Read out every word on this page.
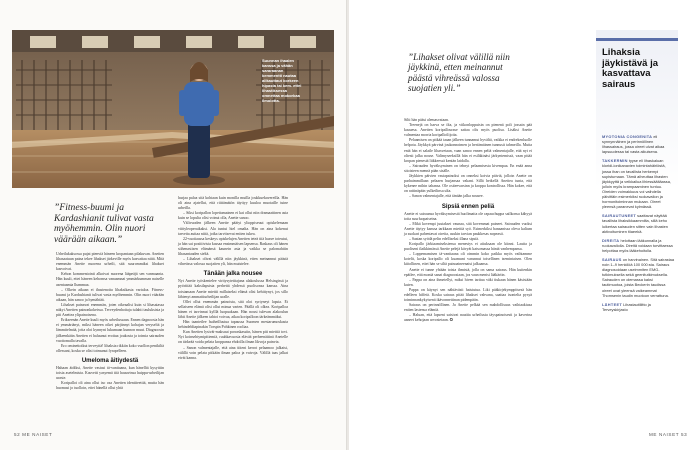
Suunnan ihaalen kanssa ja vähän sararaanan kemmentti nautaa alikauttaut korkeen hipasta tai kem. ettei lihastiksessa omnettaa mokorkaa ilmolotta.
”Fitness-buumi ja Kardashianit tulivat vasta myöhemmin. Olin nuori väärään aikaan.”

Urheilukaksossa pujat pienviä häneen kropantaan pilakuvan. Anetten lihasaatuun paina tekee lihakset järkeville myös kasvattaa niitä. Mitä enemmän Anette nuorena urheili, sitä suurommiksi lihakset kasvoivat.

Kehon kommentointi alkoivat nuorena lääpeäjä sen vanmaanta. Hän kuuli, ettei häneen kehomsa vanaamnai ymmärkumman naiselle asentaamia lhammaa.

– Olkein aikaan ei ihastenoita lihaksikasta vartaloa. Fitness-buumi ja Kardashianit tulivat vasta myöhemmin. Olin nuori väärään aikaan, hän sanoo ja hymähtää.

Lihakset painavat enemmän, joten oikeaalisi kuin si lihasaiassa näkyi Anetten painonkokeissa. Terveydenhoitaja tulahti tauluksista ja piti Anettea ylipainoisena.

Erikseenän Anette kuuli myös urheilussaan. Ennen dagnoosia hän ei ymmärtänyt, miksi häneen oikei pärjännyt kohajan veryseltä ja lämmitelmää, jotta oloi kynnyni lukumaan kunnon muut. Diagnoosin jälkeenkään Anetten ei haluunut erottua joukosta ja toimia sairauden vuottomalla tavalla.

Ero ominettoikut terveyttä! lihaksia rikkiin koko vuollon penikiltä ollessani, koska se olisi toimunut fyrapelleen.

Umeloma äitiydestä

Hahaan äidiksi, Anette vastasi tä-vanttaana, kun hänelltä kysyttiin toisia asetelmista. Kasvetti yasyemä tiiä hauuvinsa huippu-urheilijan uraste.

Koripalloi oli aina ollut iso osa Anetten identiteettiä, mutta hän huomasi jo tuolloin, ettei hänellä ollut yhtä

hurjaa paloa sitä kohtaan kuin monilla muilla joukkuekavereilla. Hän oli aina ajatellut, että riittämätön täyttyy kuuloa muotaille tuine urheilla.

– Siksi koripallon lopettamainen ei kai ollut niin dramaattinen asia kuin se lopulta olisi voinut olla, Anette sanoo.

Välivuoden jälkeen Anette päätyi ylioppiseuut opiskelemaan viittyleoperaikaksi. Ala tuntui hiel omalta. Hän on aina kokenut tarvetta auttaa niitä, jotka tarvitsevat eniten tukea.

22-vuotiaassa keskeys opiskelujen Anetten teteä tiiä haave toteutui, ja hän sai positiivista kassaa ensimmäisen lapsensa. Raskaus oli hänen siihenastisen elämänsä kaunein asia ja vaikka se palomahtiin lihasantaaden sieltä.

– Lihakset olivat välillä niin jäykkinä, etten meinannut päästä vihreässa valossa suojaiten yli, hän muistelee.

Tänään jalka nousee

Nyt Anette työskentelee viritysytetitajana alakoulussa Helsingissä ja pyöriitää kaksilapsista perhettä yhdessä puolisonsa kanssa. Aina toistamaan Anette miettii millaiseksi elämä olisi kehittynyt, jos sillo lähtenyt ammattiurheilijan uralle.

Ollei ollut enemmän painoista, sitä oloi syrtyneyt lapsia. Et sellaiseen elämä olisi ollut minua varten. Päällä oli olkea. Koripalloa hänen ei tarvinnut kylllä luopuakaan. Hän nousi tulevan alakoulun lähti Anette jälkeen tahtoi voivaa, aikaa koripalloon tärkeämmäksi.

Hän taanteilee huiheillustua tapaussa Suomen mestarumoskasta hehindeldiapinakin Torspin Pohkinen rooliaa.

Kun Anetten lysiväi-maksaut porraskassiin, hänen piti miettiä tovi. Nyt koinsehtymipitiemiä, ruuhkavuosia elävää perheenäitinä Anetelle on tärkeää voida pelata kroppansa ehdoilla ilman likvoja painvia.

– Sanon valmentajalle, että aina tiiteni kerrot pelaamoo jalkaisi, välillä voin pelata pitkään ilman paloa ja vaivoja. Välillä taas jalkat eivät kanna.

52 ME NAISET
”Lihakset olivat välillä niin jäykkinä, etten meinannut päästä vihreässä valossa suojatien yli.”

Silti hän pääsi alemasvataan.

Treenejä on harva se ilta, ja viikonloppuisin on pienenä poli jossain pää kauuesa. Anetten koripallourase sattaa olis myös puolisa. Lisäksi Anette valmentaa morria koripalloilijoita.

Pelaamisen on pitkää taaan jälkeen tunnamut hyvältä, vaikka ei endrekenluolle helpotu. Jäykkyä pärvinä joukonnoimen ja hertämäinen tunnusit tahmeilla. Mutta eniä hän ei salaile lihasvetaan, vaan sanoo ennen peliä valmentajalle, että nyt ei oltesti jalka nouse. Valimyseeksillä hän ei esiläkinäsi järkyntemissä, vaan pitää kropan pienestä liikkeessä kentän laidalla.

– Sairauden hyväksyminen on tehnyt pelaamisesta kivempaa. En enää anna sitoisteen mennä pään sisälle.

Jäykkien päivien vastapainoksi on onneksi koivia päiviä, jolloin Anette on parhaimmillaan pelaaen hurjansaa vakani. Sillä hetkellä Anettea tunta, että kykenee mihin tahansa. Ole ositeevarsinn ja kroppa kontrollissa. Hän kokee, että on rattinäpäin yulkeilinsa ulta.

– Sanon valmentajalle, että tänään jalka nousee.

Sipsiä ennen peliä

Anette ei sairaunsa hyväksymisestä huolimatta ole rapauchuppa sailkonsa kähyyä totta suurluopaiseina.

– Mikä kovempi juutakset vaunaa, sitä kovemmat paineet. Sairauden vuoksi Anette täytyy kanssa tarkkaan miettiä syö. Esimerkiksi banaanissa oleva kalium ja suokari pahentavat oireita, asukin tarvian paukkesas nopeasti.

– Saatan syödä pelin edelliseksi illana sipsiä.

Koripallo järkiaamiseksiensa menestys ei aiiuksaan ole kiinni. Lautta ja puoliseni ilaikkimässä Anette pelejä kävyät katsomassa häntä vanhempansa.

– Loppemamisen tä-vanttaana oli oimmin koko paikka myös vaihtamme kotelit, koska koripallo oli kuamunt varunnut toisellinen tsemintaisen. Olen kiitollinen, ettei hän se siltä painoaineenaisi jalkaansa.

Anette ei tunne yhtään toista ihmistä, jolla on sama sairaus. Hän kuitenkin epäilee, että moniä sanat diagnoosiaan, jos vaan menisi lääkäriin.

– Pappa on aina ihmetellyt, miksi hiven tarttua väki tiukaan hänen käsistään kuten.

Pappa on käynyt sen nähtävästi haistutua. Liki pääkirjekymppitsesä hän edelleen hiffetä. Koska sairaus pitää lihakset vahvana, saattaa isontelta pysyä toiminnankykyisenä ikävonnettinan pidempään.

Sairaus on perinnöllinen. Ja Anette pelkää sen mahdollisuus vaihtaakiusa eniten lastensa elämiä.

– Haluan, että lapseni saisivat nauttia urheilusta täyspainoisesti ja kaverina aaneet kehojaan arvostetaan. ✪

ME NAISET 53
Lihaksia jäykistävä ja kasvattava sairaus

MYOTONIA CONGENITA eli synnynnäinen ja perinnöllinen lihassairaus, jossa oireet ulvat aikaa lapsuudessa tai vasta aikuisena.

TAKKERMIN tyyse eli lihaskaluan kloridi-ionikanavien toimintahäiriöstä, jossa ihan on tavallista herkempi supistumaan. Tämä aiheuttaa lihasten jäykkyyttä ja veikkailua lihiessäältäassa, jolloin myös krampaaminen tuntuu. Oireiden voimakkuus voi vaihdella päivittäin esimerkiksi ruokavalion ja hormonitoiminnan mukaan. Oireet yleensä paranevat kylmässä.

SAIRAUTUNEET saattavat näyttää tavallista lihaksikkaammilta, sillä keho luikertaa sairauden sitten vain lihasten aktivoituminen tiiaeekä.

DIREITA helottaan lääkunnalla ja ruokavaliolla. Direitä voidaan torvittaessa helpottaa myös lääkehoitolla.

SAIRAUS on harvinainen. Sitä sairastaa noin 1–9 henkilöä 100 000:sta. Sairaus diagnosoidaan useimmiten EMG-tutkimuksella sekä geenitutkimuksella. Sairauden on olemassa kaksi tautimuotoa, joista Beckerin taudissa oireet ovat yleensä vaikeammat Thomsenin taudin muotoon verrattuna.

LÄHTEET Lihastautiliitto ja Terveyskirjasto
